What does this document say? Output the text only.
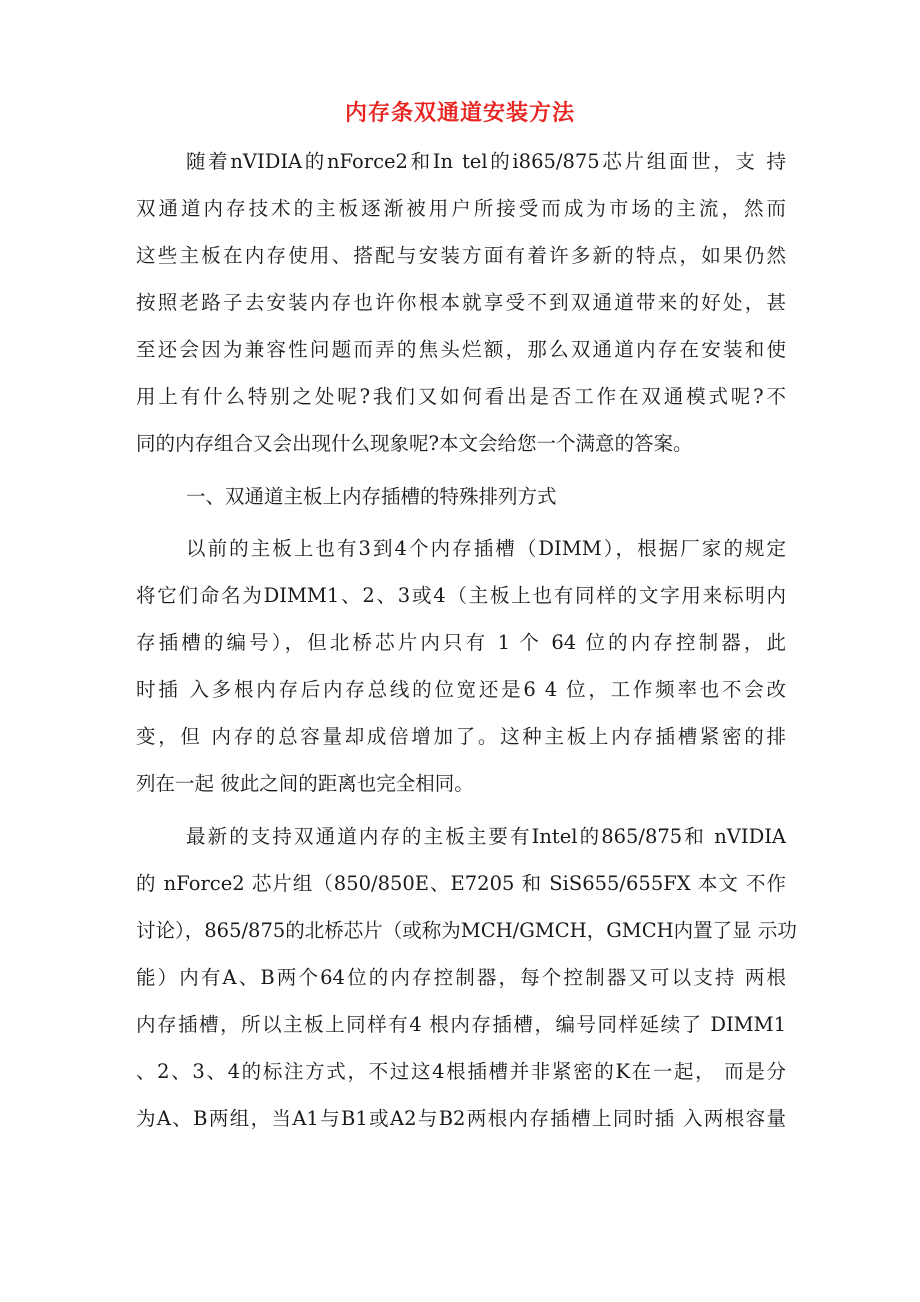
内存条双通道安装方法
随着nVIDIA的nForce2和In tel的i865/875芯片组面世，支 持
双通道内存技术的主板逐渐被用户所接受而成为市场的主流，然而
这些主板在内存使用、搭配与安装方面有着许多新的特点，如果仍然
按照老路子去安装内存也许你根本就享受不到双通道带来的好处，甚
至还会因为兼容性问题而弄的焦头烂额，那么双通道内存在安装和使
用上有什么特别之处呢?我们又如何看出是否工作在双通模式呢?不
同的内存组合又会出现什么现象呢?本文会给您一个满意的答案。
一、双通道主板上内存插槽的特殊排列方式
以前的主板上也有3到4个内存插槽（DIMM），根据厂家的规定
将它们命名为DIMM1、2、3或4（主板上也有同样的文字用来标明内
存插槽的编号），但北桥芯片内只有 1 个 64 位的内存控制器，此
时插 入多根内存后内存总线的位宽还是6 4 位，工作频率也不会改
变，但 内存的总容量却成倍增加了。这种主板上内存插槽紧密的排
列在一起 彼此之间的距离也完全相同。
最新的支持双通道内存的主板主要有Intel的865/875和 nVIDIA
的 nForce2 芯片组（850/850E、E7205 和 SiS655/655FX 本文 不作
讨论），865/875的北桥芯片（或称为MCH/GMCH，GMCH内置了显 示功
能）内有A、B两个64位的内存控制器，每个控制器又可以支持 两根
内存插槽，所以主板上同样有4 根内存插槽，编号同样延续了 DIMM1
、2、3、4的标注方式，不过这4根插槽并非紧密的K在一起， 而是分
为A、B两组，当A1与B1或A2与B2两根内存插槽上同时插 入两根容量
